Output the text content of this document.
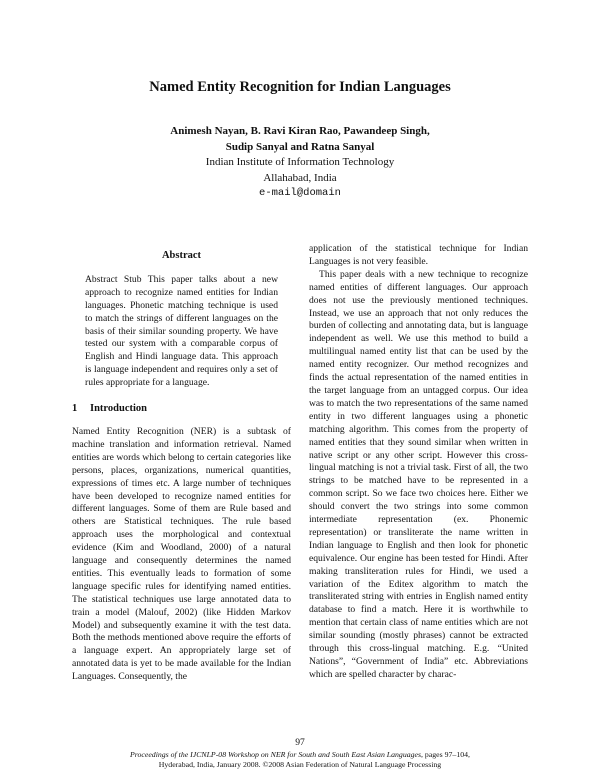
Named Entity Recognition for Indian Languages
Animesh Nayan, B. Ravi Kiran Rao, Pawandeep Singh,
Sudip Sanyal and Ratna Sanyal
Indian Institute of Information Technology
Allahabad, India
e-mail@domain
Abstract

Abstract Stub This paper talks about a new approach to recognize named entities for Indian languages. Phonetic matching technique is used to match the strings of different languages on the basis of their similar sounding property. We have tested our system with a comparable corpus of English and Hindi language data. This approach is language independent and requires only a set of rules appropriate for a language.

1 Introduction

Named Entity Recognition (NER) is a subtask of machine translation and information retrieval. Named entities are words which belong to certain categories like persons, places, organizations, numerical quantities, expressions of times etc. A large number of techniques have been developed to recognize named entities for different languages. Some of them are Rule based and others are Statistical techniques. The rule based approach uses the morphological and contextual evidence (Kim and Woodland, 2000) of a natural language and consequently determines the named entities. This eventually leads to formation of some language specific rules for identifying named entities. The statistical techniques use large annotated data to train a model (Malouf, 2002) (like Hidden Markov Model) and subsequently examine it with the test data. Both the methods mentioned above require the efforts of a language expert. An appropriately large set of annotated data is yet to be made available for the Indian Languages. Consequently, the

application of the statistical technique for Indian Languages is not very feasible.

This paper deals with a new technique to recognize named entities of different languages. Our approach does not use the previously mentioned techniques. Instead, we use an approach that not only reduces the burden of collecting and annotating data, but is language independent as well. We use this method to build a multilingual named entity list that can be used by the named entity recognizer. Our method recognizes and finds the actual representation of the named entities in the target language from an untagged corpus. Our idea was to match the two representations of the same named entity in two different languages using a phonetic matching algorithm. This comes from the property of named entities that they sound similar when written in native script or any other script. However this cross-lingual matching is not a trivial task. First of all, the two strings to be matched have to be represented in a common script. So we face two choices here. Either we should convert the two strings into some common intermediate representation (ex. Phonemic representation) or transliterate the name written in Indian language to English and then look for phonetic equivalence. Our engine has been tested for Hindi. After making transliteration rules for Hindi, we used a variation of the Editex algorithm to match the transliterated string with entries in English named entity database to find a match. Here it is worthwhile to mention that certain class of name entities which are not similar sounding (mostly phrases) cannot be extracted through this cross-lingual matching. E.g. “United Nations”, “Government of India” etc. Abbreviations which are spelled character by charac-

97
Proceedings of the IJCNLP-08 Workshop on NER for South and South East Asian Languages, pages 97–104,
Hyderabad, India, January 2008. ©2008 Asian Federation of Natural Language Processing
